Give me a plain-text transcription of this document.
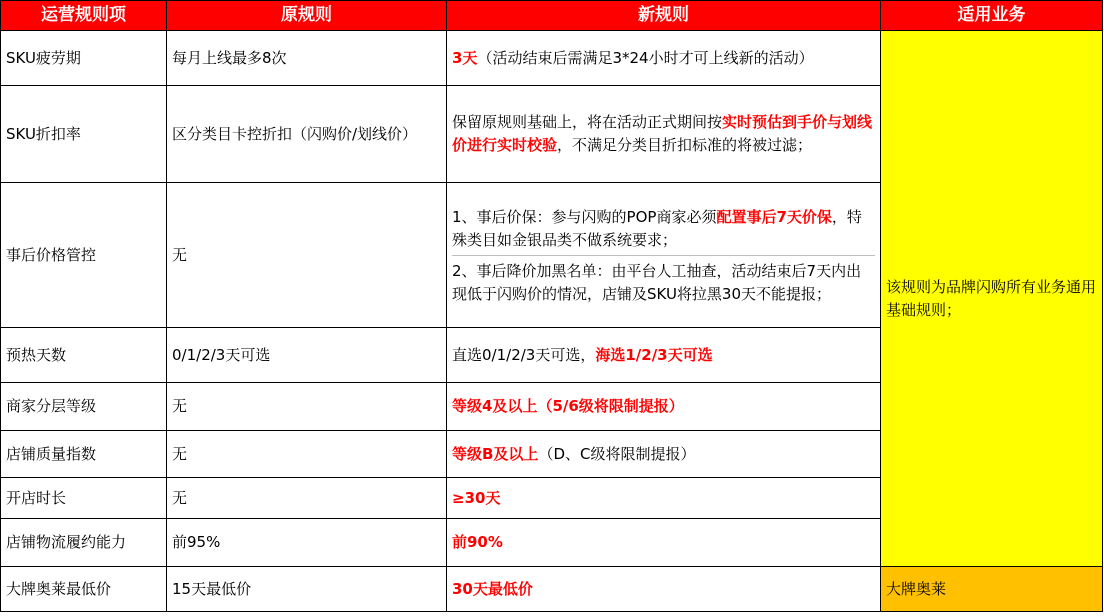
运营规则项	原规则	新规则	适用业务
SKU疲劳期	每月上线最多8次	3天（活动结束后需满足3*24小时才可上线新的活动）	该规则为品牌闪购所有业务通用基础规则；
SKU折扣率	区分类目卡控折扣（闪购价/划线价）	保留原规则基础上，将在活动正式期间按实时预估到手价与划线价进行实时校验，不满足分类目折扣标准的将被过滤；	
事后价格管控	无	1、事后价保：参与闪购的POP商家必须配置事后7天价保，特殊类目如金银品类不做系统要求；
2、事后降价加黑名单：由平台人工抽查，活动结束后7天内出现低于闪购价的情况，店铺及SKU将拉黑30天不能提报；	

预热天数	0/1/2/3天可选	直选0/1/2/3天可选，海选1/2/3天可选	
商家分层等级	无	等级4及以上（5/6级将限制提报）	
店铺质量指数	无	等级B及以上（D、C级将限制提报）	
开店时长	无	≥30天	
店铺物流履约能力	前95%	前90%	
大牌奥莱最低价	15天最低价	30天最低价	大牌奥莱
